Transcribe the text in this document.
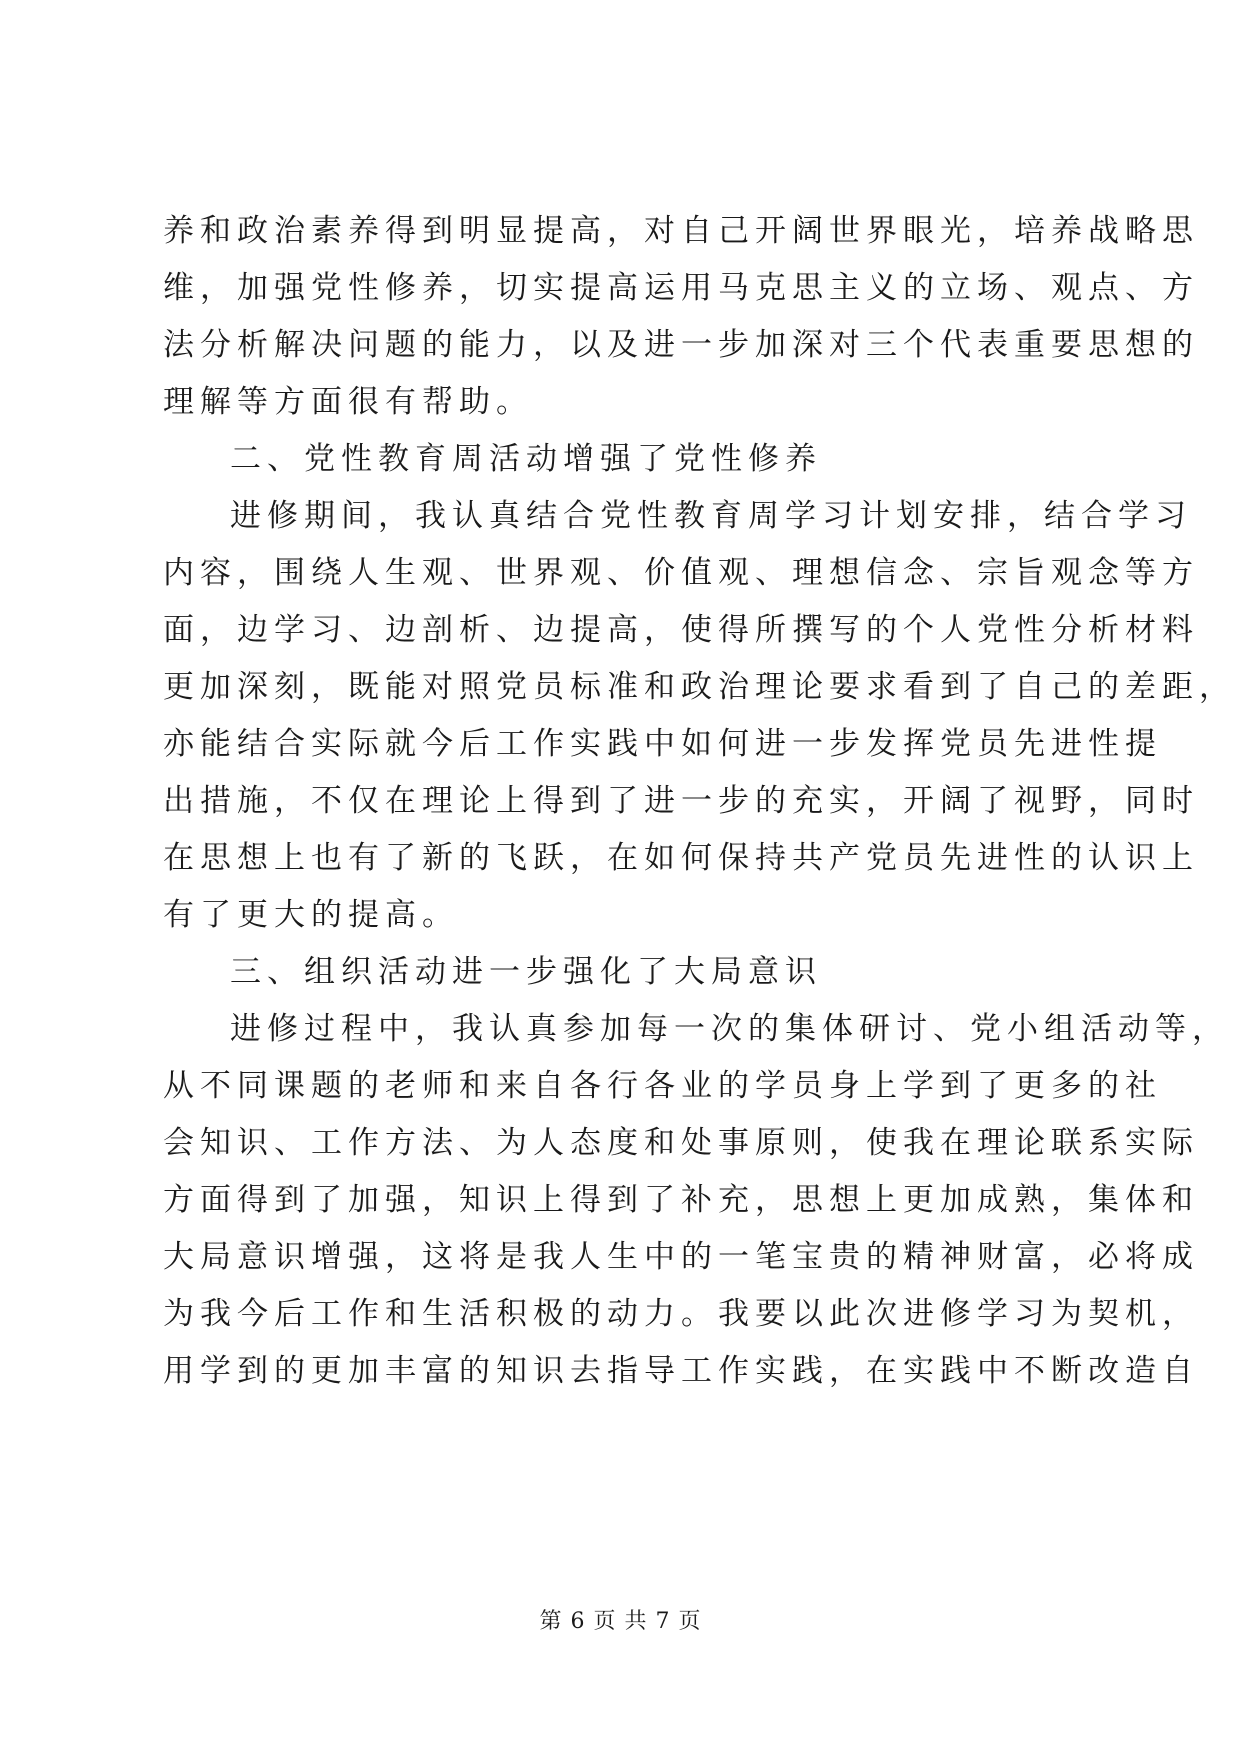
养和政治素养得到明显提高，对自己开阔世界眼光，培养战略思
维，加强党性修养，切实提高运用马克思主义的立场、观点、方
法分析解决问题的能力，以及进一步加深对三个代表重要思想的
理解等方面很有帮助。
二、党性教育周活动增强了党性修养
进修期间，我认真结合党性教育周学习计划安排，结合学习
内容，围绕人生观、世界观、价值观、理想信念、宗旨观念等方
面，边学习、边剖析、边提高，使得所撰写的个人党性分析材料
更加深刻，既能对照党员标准和政治理论要求看到了自己的差距，
亦能结合实际就今后工作实践中如何进一步发挥党员先进性提
出措施，不仅在理论上得到了进一步的充实，开阔了视野，同时
在思想上也有了新的飞跃，在如何保持共产党员先进性的认识上
有了更大的提高。
三、组织活动进一步强化了大局意识
进修过程中，我认真参加每一次的集体研讨、党小组活动等，
从不同课题的老师和来自各行各业的学员身上学到了更多的社
会知识、工作方法、为人态度和处事原则，使我在理论联系实际
方面得到了加强，知识上得到了补充，思想上更加成熟，集体和
大局意识增强，这将是我人生中的一笔宝贵的精神财富，必将成
为我今后工作和生活积极的动力。我要以此次进修学习为契机，
用学到的更加丰富的知识去指导工作实践，在实践中不断改造自
第 6 页 共 7 页
